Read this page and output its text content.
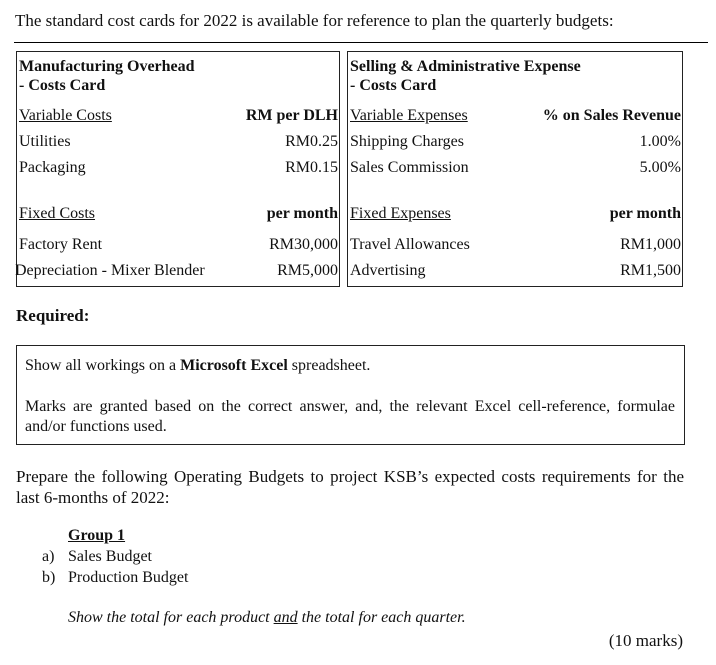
The standard cost cards for 2022 is available for reference to plan the quarterly budgets:
Manufacturing Overhead
- Costs Card
Variable Costs	RM per DLH
Utilities	RM0.25
Packaging	RM0.15
Fixed Costs	per month
Factory Rent	RM30,000
Depreciation - Mixer Blender	RM5,000
Selling & Administrative Expense
- Costs Card
Variable Expenses	% on Sales Revenue
Shipping Charges	1.00%
Sales Commission	5.00%
Fixed Expenses	per month
Travel Allowances	RM1,000
Advertising	RM1,500
Required:
Show all workings on a Microsoft Excel spreadsheet.
Marks are granted based on the correct answer, and, the relevant Excel cell-reference, formulae and/or functions used.
Prepare the following Operating Budgets to project KSB’s expected costs requirements for the last 6-months of 2022:
Group 1
a) Sales Budget
b) Production Budget
Show the total for each product and the total for each quarter.
(10 marks)
